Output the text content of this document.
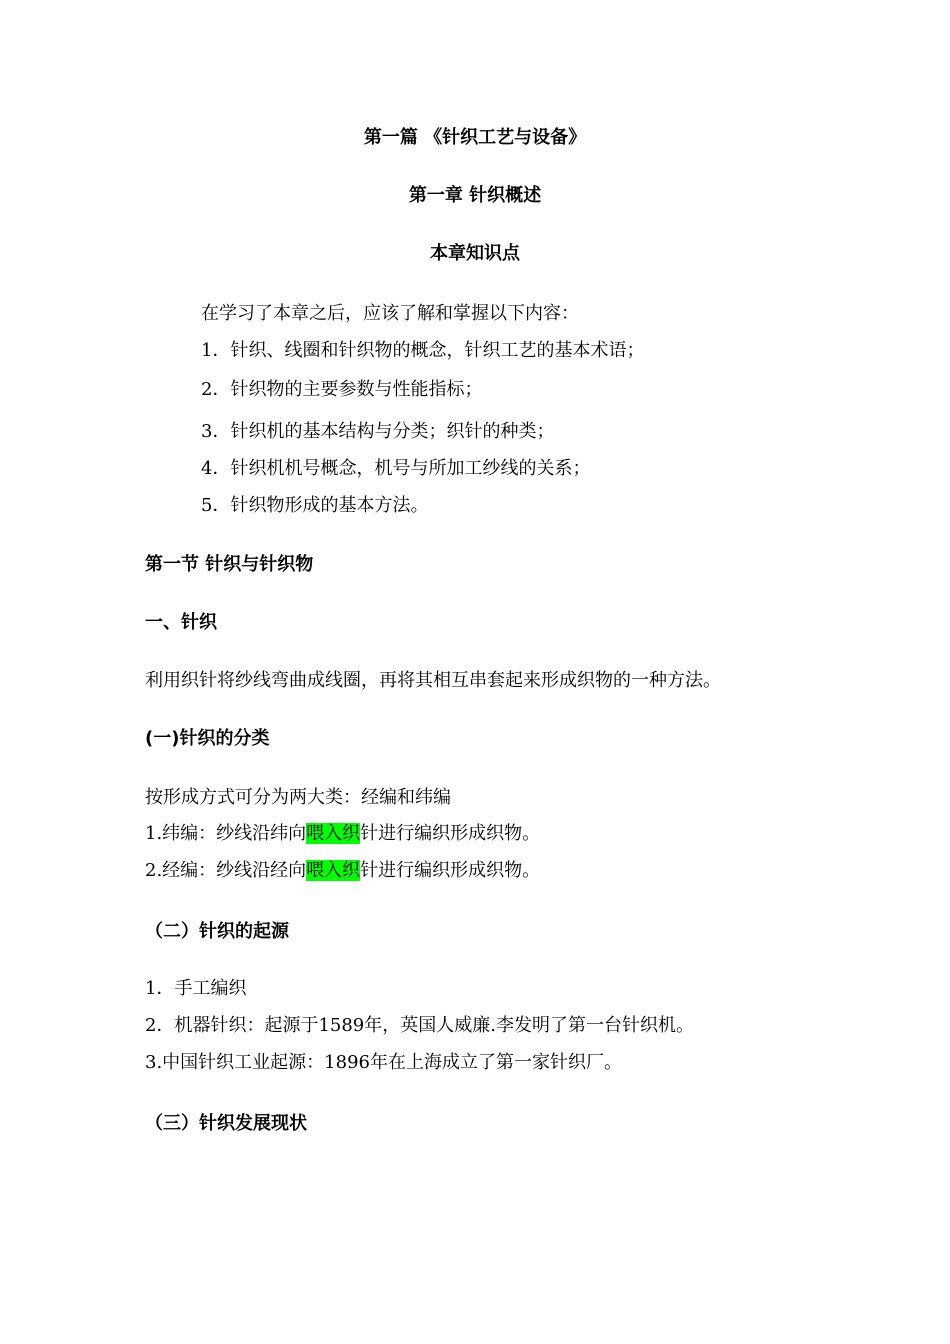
第一篇 《针织工艺与设备》
第一章 针织概述
本章知识点
在学习了本章之后，应该了解和掌握以下内容：
1．针织、线圈和针织物的概念，针织工艺的基本术语；
2．针织物的主要参数与性能指标；
3．针织机的基本结构与分类；织针的种类；
4．针织机机号概念，机号与所加工纱线的关系；
5．针织物形成的基本方法。
第一节 针织与针织物
一、针织
利用织针将纱线弯曲成线圈，再将其相互串套起来形成织物的一种方法。
(一)针织的分类
按形成方式可分为两大类：经编和纬编
1.纬编：纱线沿纬向喂入织针进行编织形成织物。
2.经编：纱线沿经向喂入织针进行编织形成织物。
（二）针织的起源
1．手工编织
2．机器针织：起源于1589年，英国人威廉.李发明了第一台针织机。
3.中国针织工业起源：1896年在上海成立了第一家针织厂。
（三）针织发展现状
